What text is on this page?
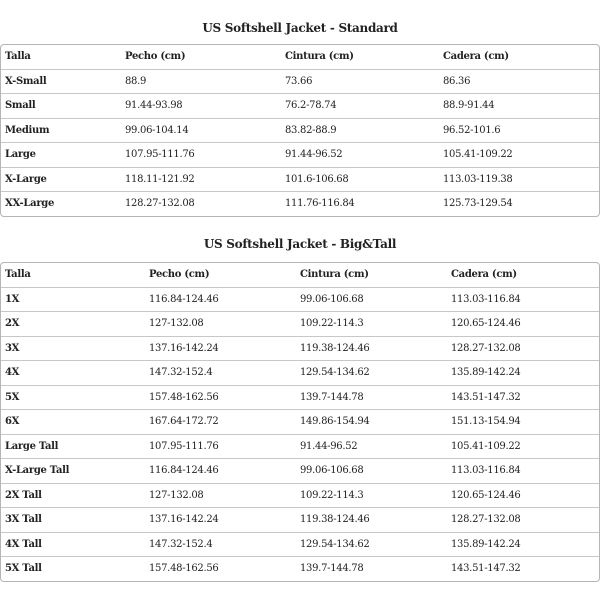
US Softshell Jacket - Standard
Talla	Pecho (cm)	Cintura (cm)	Cadera (cm)
X-Small	88.9	73.66	86.36
Small	91.44-93.98	76.2-78.74	88.9-91.44
Medium	99.06-104.14	83.82-88.9	96.52-101.6
Large	107.95-111.76	91.44-96.52	105.41-109.22
X-Large	118.11-121.92	101.6-106.68	113.03-119.38
XX-Large	128.27-132.08	111.76-116.84	125.73-129.54
US Softshell Jacket - Big&Tall
Talla	Pecho (cm)	Cintura (cm)	Cadera (cm)
1X	116.84-124.46	99.06-106.68	113.03-116.84
2X	127-132.08	109.22-114.3	120.65-124.46
3X	137.16-142.24	119.38-124.46	128.27-132.08
4X	147.32-152.4	129.54-134.62	135.89-142.24
5X	157.48-162.56	139.7-144.78	143.51-147.32
6X	167.64-172.72	149.86-154.94	151.13-154.94
Large Tall	107.95-111.76	91.44-96.52	105.41-109.22
X-Large Tall	116.84-124.46	99.06-106.68	113.03-116.84
2X Tall	127-132.08	109.22-114.3	120.65-124.46
3X Tall	137.16-142.24	119.38-124.46	128.27-132.08
4X Tall	147.32-152.4	129.54-134.62	135.89-142.24
5X Tall	157.48-162.56	139.7-144.78	143.51-147.32
